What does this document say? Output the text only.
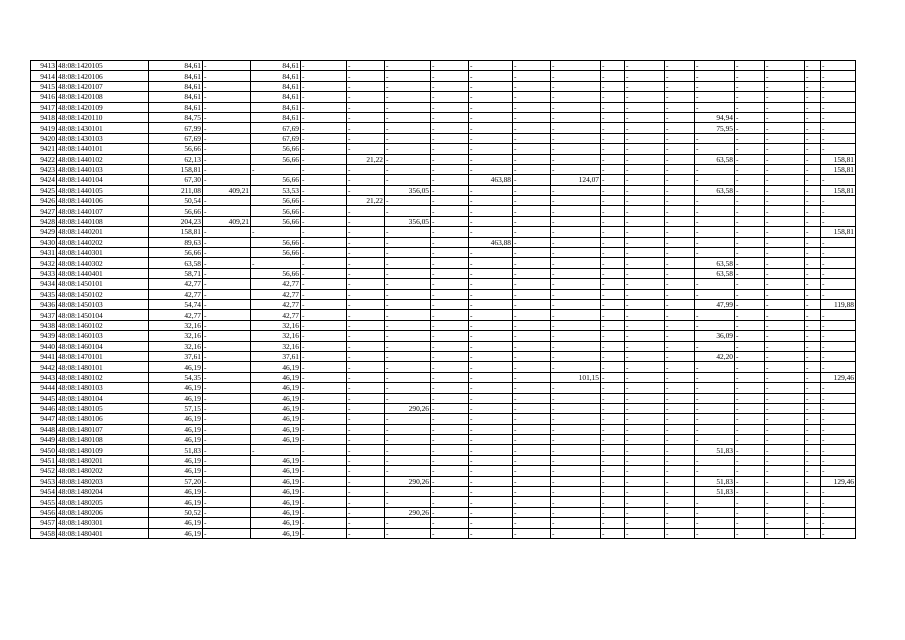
9413	48:08:1420105	84,61	-	84,61	-	-	-	-	-	-	-	-	-	-	-	-	-	-	-
9414	48:08:1420106	84,61	-	84,61	-	-	-	-	-	-	-	-	-	-	-	-	-	-	-
9415	48:08:1420107	84,61	-	84,61	-	-	-	-	-	-	-	-	-	-	-	-	-	-	-
9416	48:08:1420108	84,61	-	84,61	-	-	-	-	-	-	-	-	-	-	-	-	-	-	-
9417	48:08:1420109	84,61	-	84,61	-	-	-	-	-	-	-	-	-	-	-	-	-	-	-
9418	48:08:1420110	84,75	-	84,61	-	-	-	-	-	-	-	-	-	-	94,94	-	-	-	-
9419	48:08:1430101	67,99	-	67,69	-	-	-	-	-	-	-	-	-	-	75,95	-	-	-	-
9420	48:08:1430103	67,69	-	67,69	-	-	-	-	-	-	-	-	-	-	-	-	-	-	-
9421	48:08:1440101	56,66	-	56,66	-	-	-	-	-	-	-	-	-	-	-	-	-	-	-
9422	48:08:1440102	62,13	-	56,66	-	21,22	-	-	-	-	-	-	-	-	63,58	-	-	-	158,81
9423	48:08:1440103	158,81	-	-	-	-	-	-	-	-	-	-	-	-	-	-	-	-	158,81
9424	48:08:1440104	67,30	-	56,66	-	-	-	-	463,88	-	124,07	-	-	-	-	-	-	-	-
9425	48:08:1440105	211,08	409,21	53,53	-	-	356,05	-	-	-	-	-	-	-	63,58	-	-	-	158,81
9426	48:08:1440106	50,54	-	56,66	-	21,22	-	-	-	-	-	-	-	-	-	-	-	-	-
9427	48:08:1440107	56,66	-	56,66	-	-	-	-	-	-	-	-	-	-	-	-	-	-	-
9428	48:08:1440108	204,23	409,21	56,66	-	-	356,05	-	-	-	-	-	-	-	-	-	-	-	-
9429	48:08:1440201	158,81	-	-	-	-	-	-	-	-	-	-	-	-	-	-	-	-	158,81
9430	48:08:1440202	89,63	-	56,66	-	-	-	-	463,88	-	-	-	-	-	-	-	-	-	-
9431	48:08:1440301	56,66	-	56,66	-	-	-	-	-	-	-	-	-	-	-	-	-	-	-
9432	48:08:1440302	63,58	-	-	-	-	-	-	-	-	-	-	-	-	63,58	-	-	-	-
9433	48:08:1440401	58,71	-	56,66	-	-	-	-	-	-	-	-	-	-	63,58	-	-	-	-
9434	48:08:1450101	42,77	-	42,77	-	-	-	-	-	-	-	-	-	-	-	-	-	-	-
9435	48:08:1450102	42,77	-	42,77	-	-	-	-	-	-	-	-	-	-	-	-	-	-	-
9436	48:08:1450103	54,74	-	42,77	-	-	-	-	-	-	-	-	-	-	47,99	-	-	-	119,88
9437	48:08:1450104	42,77	-	42,77	-	-	-	-	-	-	-	-	-	-	-	-	-	-	-
9438	48:08:1460102	32,16	-	32,16	-	-	-	-	-	-	-	-	-	-	-	-	-	-	-
9439	48:08:1460103	32,16	-	32,16	-	-	-	-	-	-	-	-	-	-	36,09	-	-	-	-
9440	48:08:1460104	32,16	-	32,16	-	-	-	-	-	-	-	-	-	-	-	-	-	-	-
9441	48:08:1470101	37,61	-	37,61	-	-	-	-	-	-	-	-	-	-	42,20	-	-	-	-
9442	48:08:1480101	46,19	-	46,19	-	-	-	-	-	-	-	-	-	-	-	-	-	-	-
9443	48:08:1480102	54,35	-	46,19	-	-	-	-	-	-	101,15	-	-	-	-	-	-	-	129,46
9444	48:08:1480103	46,19	-	46,19	-	-	-	-	-	-	-	-	-	-	-	-	-	-	-
9445	48:08:1480104	46,19	-	46,19	-	-	-	-	-	-	-	-	-	-	-	-	-	-	-
9446	48:08:1480105	57,15	-	46,19	-	-	290,26	-	-	-	-	-	-	-	-	-	-	-	-
9447	48:08:1480106	46,19	-	46,19	-	-	-	-	-	-	-	-	-	-	-	-	-	-	-
9448	48:08:1480107	46,19	-	46,19	-	-	-	-	-	-	-	-	-	-	-	-	-	-	-
9449	48:08:1480108	46,19	-	46,19	-	-	-	-	-	-	-	-	-	-	-	-	-	-	-
9450	48:08:1480109	51,83	-	-	-	-	-	-	-	-	-	-	-	-	51,83	-	-	-	-
9451	48:08:1480201	46,19	-	46,19	-	-	-	-	-	-	-	-	-	-	-	-	-	-	-
9452	48:08:1480202	46,19	-	46,19	-	-	-	-	-	-	-	-	-	-	-	-	-	-	-
9453	48:08:1480203	57,20	-	46,19	-	-	290,26	-	-	-	-	-	-	-	51,83	-	-	-	129,46
9454	48:08:1480204	46,19	-	46,19	-	-	-	-	-	-	-	-	-	-	51,83	-	-	-	-
9455	48:08:1480205	46,19	-	46,19	-	-	-	-	-	-	-	-	-	-	-	-	-	-	-
9456	48:08:1480206	50,52	-	46,19	-	-	290,26	-	-	-	-	-	-	-	-	-	-	-	-
9457	48:08:1480301	46,19	-	46,19	-	-	-	-	-	-	-	-	-	-	-	-	-	-	-
9458	48:08:1480401	46,19	-	46,19	-	-	-	-	-	-	-	-	-	-	-	-	-	-	-
